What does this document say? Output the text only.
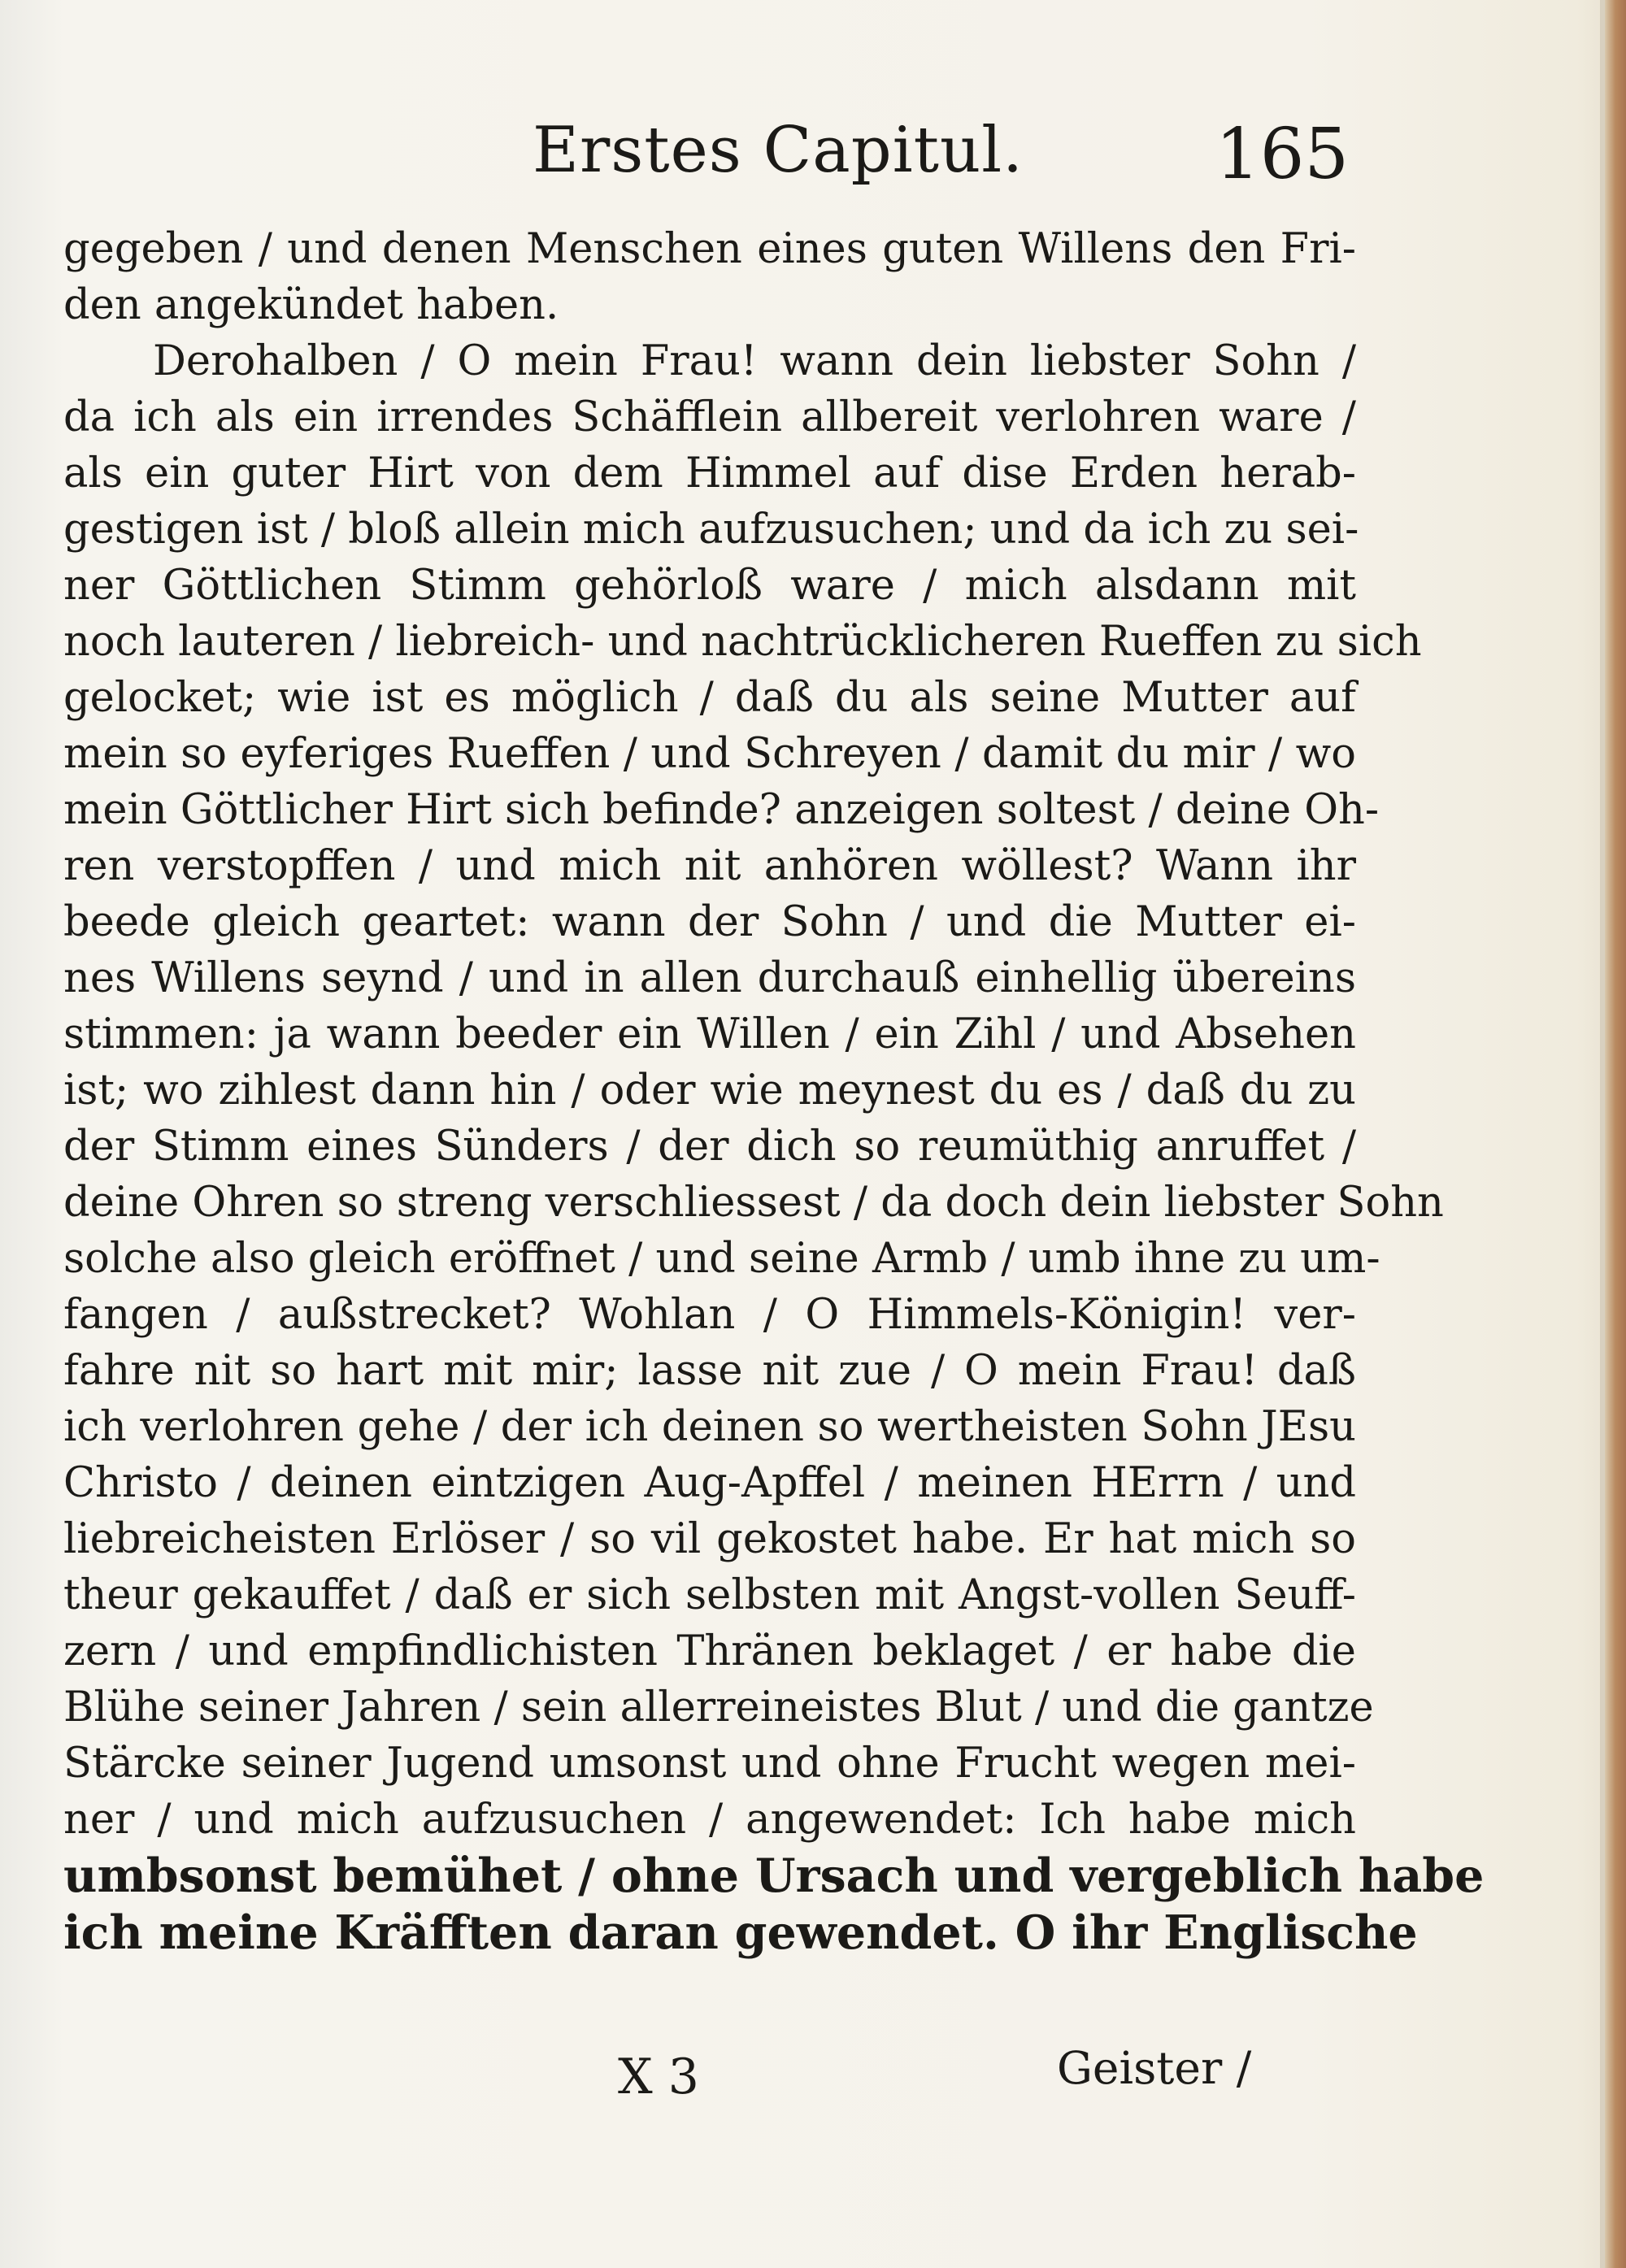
Erstes Capitul.	165
gegeben / und denen Menschen eines guten Willens den Fri-
den angekündet haben.
Derohalben / O mein Frau! wann dein liebster Sohn /
da ich als ein irrendes Schäfflein allbereit verlohren ware /
als ein guter Hirt von dem Himmel auf dise Erden herab-
gestigen ist / bloß allein mich aufzusuchen; und da ich zu sei-
ner Göttlichen Stimm gehörloß ware / mich alsdann mit
noch lauteren / liebreich- und nachtrücklicheren Rueffen zu sich
gelocket; wie ist es möglich / daß du als seine Mutter auf
mein so eyferiges Rueffen / und Schreyen / damit du mir / wo
mein Göttlicher Hirt sich befinde? anzeigen soltest / deine Oh-
ren verstopffen / und mich nit anhören wöllest? Wann ihr
beede gleich geartet: wann der Sohn / und die Mutter ei-
nes Willens seynd / und in allen durchauß einhellig übereins
stimmen: ja wann beeder ein Willen / ein Zihl / und Absehen
ist; wo zihlest dann hin / oder wie meynest du es / daß du zu
der Stimm eines Sünders / der dich so reumüthig anruffet /
deine Ohren so streng verschliessest / da doch dein liebster Sohn
solche also gleich eröffnet / und seine Armb / umb ihne zu um-
fangen / außstrecket? Wohlan / O Himmels-Königin! ver-
fahre nit so hart mit mir; lasse nit zue / O mein Frau! daß
ich verlohren gehe / der ich deinen so wertheisten Sohn JEsu
Christo / deinen eintzigen Aug-Apffel / meinen HErrn / und
liebreicheisten Erlöser / so vil gekostet habe. Er hat mich so
theur gekauffet / daß er sich selbsten mit Angst-vollen Seuff-
zern / und empfindlichisten Thränen beklaget / er habe die
Blühe seiner Jahren / sein allerreineistes Blut / und die gantze
Stärcke seiner Jugend umsonst und ohne Frucht wegen mei-
ner / und mich aufzusuchen / angewendet: Ich habe mich
umbsonst bemühet / ohne Ursach und vergeblich habe
ich meine Kräfften daran gewendet. O ihr Englische
X 3	Geister /
